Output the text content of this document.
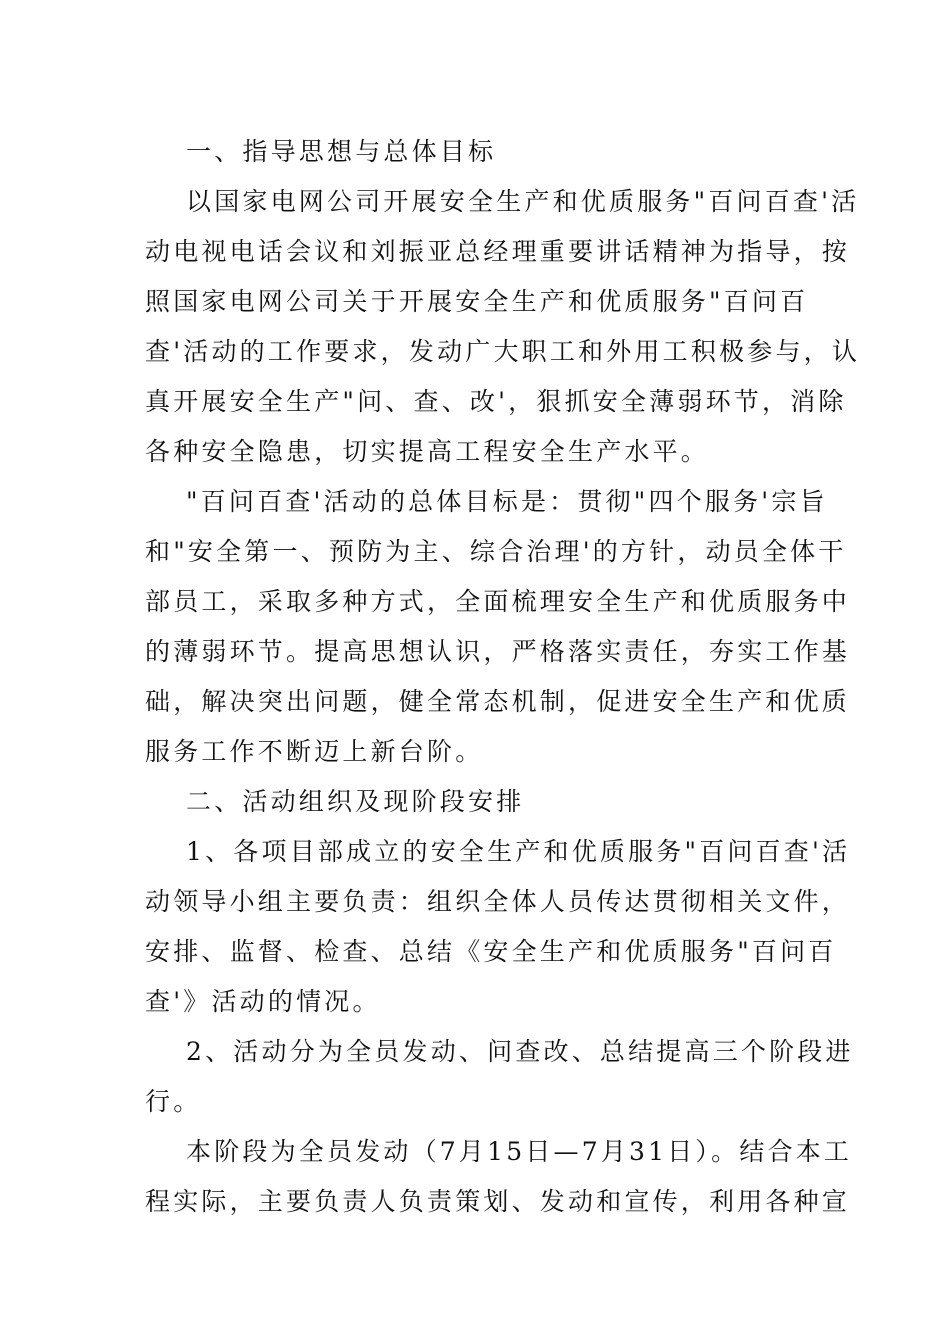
一、指导思想与总体目标
以国家电网公司开展安全生产和优质服务"百问百查'活
动电视电话会议和刘振亚总经理重要讲话精神为指导，按
照国家电网公司关于开展安全生产和优质服务"百问百
查'活动的工作要求，发动广大职工和外用工积极参与，认
真开展安全生产"问、查、改'，狠抓安全薄弱环节，消除
各种安全隐患，切实提高工程安全生产水平。
"百问百查'活动的总体目标是：贯彻"四个服务'宗旨
和"安全第一、预防为主、综合治理'的方针，动员全体干
部员工，采取多种方式，全面梳理安全生产和优质服务中
的薄弱环节。提高思想认识，严格落实责任，夯实工作基
础，解决突出问题，健全常态机制，促进安全生产和优质
服务工作不断迈上新台阶。
二、活动组织及现阶段安排
1、各项目部成立的安全生产和优质服务"百问百查'活
动领导小组主要负责：组织全体人员传达贯彻相关文件，
安排、监督、检查、总结《安全生产和优质服务"百问百
查'》活动的情况。
2、活动分为全员发动、问查改、总结提高三个阶段进
行。
本阶段为全员发动（7月15日—7月31日）。结合本工
程实际，主要负责人负责策划、发动和宣传，利用各种宣
